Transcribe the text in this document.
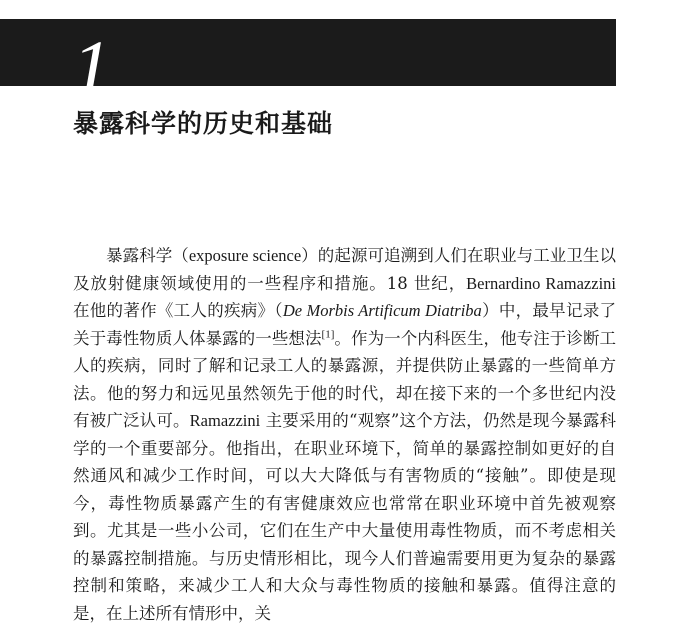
1
暴露科学的历史和基础

暴露科学（exposure science）的起源可追溯到人们在职业与工业卫生以及放射健康领域使用的一些程序和措施。18 世纪，Bernardino Ramazzini 在他的著作《工人的疾病》（De Morbis Artificum Diatriba）中，最早记录了关于毒性物质人体暴露的一些想法[1]。作为一个内科医生，他专注于诊断工人的疾病，同时了解和记录工人的暴露源，并提供防止暴露的一些简单方法。他的努力和远见虽然领先于他的时代，却在接下来的一个多世纪内没有被广泛认可。Ramazzini 主要采用的“观察”这个方法，仍然是现今暴露科学的一个重要部分。他指出，在职业环境下，简单的暴露控制如更好的自然通风和减少工作时间，可以大大降低与有害物质的“接触”。即使是现今，毒性物质暴露产生的有害健康效应也常常在职业环境中首先被观察到。尤其是一些小公司，它们在生产中大量使用毒性物质，而不考虑相关的暴露控制措施。与历史情形相比，现今人们普遍需要用更为复杂的暴露控制和策略，来减少工人和大众与毒性物质的接触和暴露。值得注意的是，在上述所有情形中，关
